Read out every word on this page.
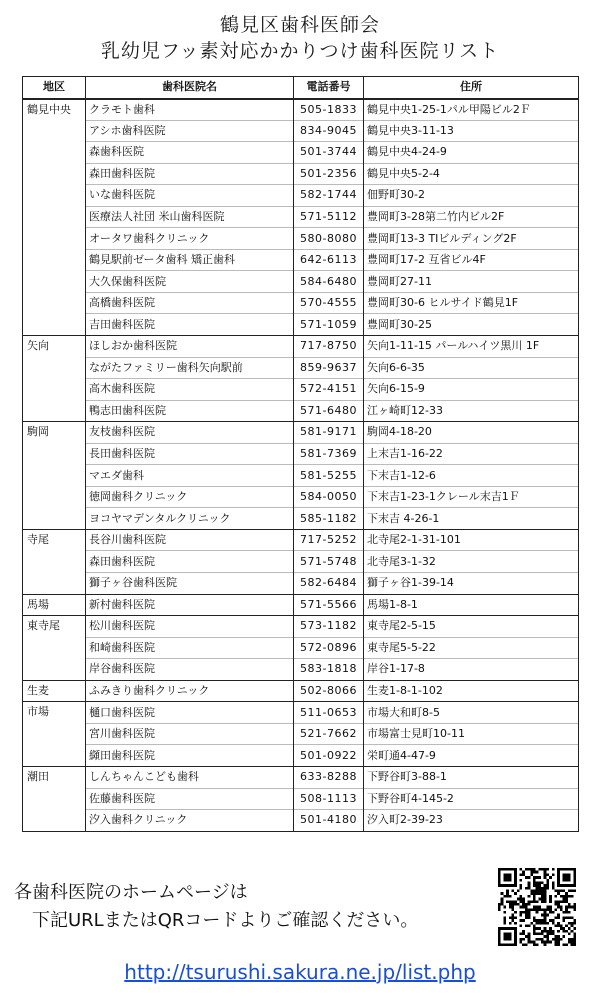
鶴見区歯科医師会
乳幼児フッ素対応かかりつけ歯科医院リスト
地区	歯科医院名	電話番号	住所
鶴見中央	クラモト歯科	505-1833	鶴見中央1-25-1パル甲陽ビル2Ｆ
	アシホ歯科医院	834-9045	鶴見中央3-11-13
	森歯科医院	501-3744	鶴見中央4-24-9
	森田歯科医院	501-2356	鶴見中央5-2-4
	いな歯科医院	582-1744	佃野町30-2
	医療法人社団 米山歯科医院	571-5112	豊岡町3-28第二竹内ビル2F
	オータワ歯科クリニック	580-8080	豊岡町13-3 TIビルディング2F
	鶴見駅前ゼータ歯科 矯正歯科	642-6113	豊岡町17-2 互省ビル4F
	大久保歯科医院	584-6480	豊岡町27-11
	高橋歯科医院	570-4555	豊岡町30-6 ヒルサイド鶴見1F
	吉田歯科医院	571-1059	豊岡町30-25
矢向	ほしおか歯科医院	717-8750	矢向1-11-15 パールハイツ黒川 1F
	ながたファミリー歯科矢向駅前	859-9637	矢向6-6-35
	高木歯科医院	572-4151	矢向6-15-9
	鴨志田歯科医院	571-6480	江ヶ崎町12-33
駒岡	友枝歯科医院	581-9171	駒岡4-18-20
	長田歯科医院	581-7369	上末吉1-16-22
	マエダ歯科	581-5255	下末吉1-12-6
	徳岡歯科クリニック	584-0050	下末吉1-23-1クレール末吉1Ｆ
	ヨコヤマデンタルクリニック	585-1182	下末吉 4-26-1
寺尾	長谷川歯科医院	717-5252	北寺尾2-1-31-101
	森田歯科医院	571-5748	北寺尾3-1-32
	獅子ヶ谷歯科医院	582-6484	獅子ヶ谷1-39-14
馬場	新村歯科医院	571-5566	馬場1-8-1
東寺尾	松川歯科医院	573-1182	東寺尾2-5-15
	和崎歯科医院	572-0896	東寺尾5-5-22
	岸谷歯科医院	583-1818	岸谷1-17-8
生麦	ふみきり歯科クリニック	502-8066	生麦1-8-1-102
市場	樋口歯科医院	511-0653	市場大和町8-5
	宮川歯科医院	521-7662	市場富士見町10-11
	纐田歯科医院	501-0922	栄町通4-47-9
潮田	しんちゃんこども歯科	633-8288	下野谷町3-88-1
	佐藤歯科医院	508-1113	下野谷町4-145-2
	汐入歯科クリニック	501-4180	汐入町2-39-23
各歯科医院のホームページは
下記URLまたはQRコードよりご確認ください。
http://tsurushi.sakura.ne.jp/list.php
